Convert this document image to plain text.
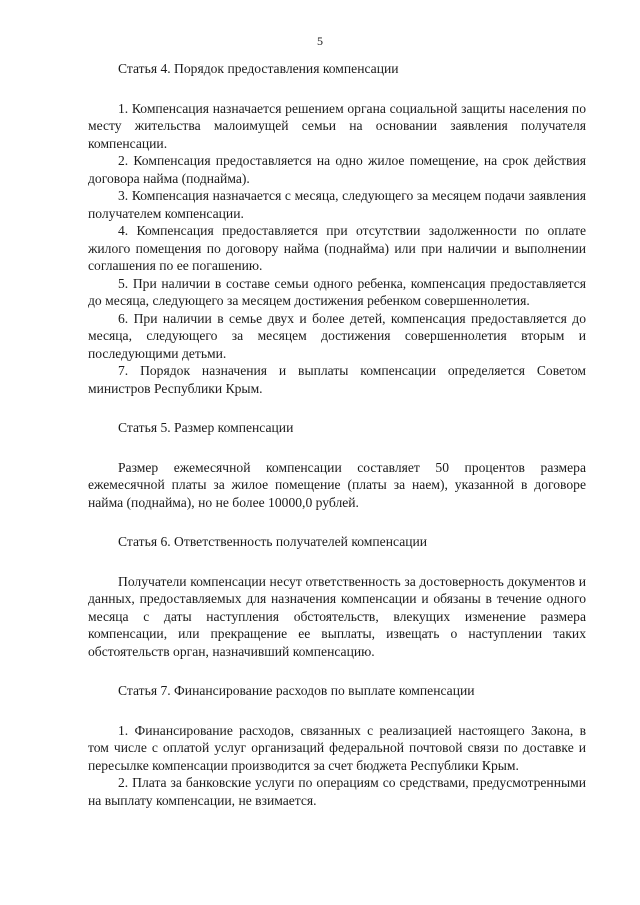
5
Статья 4. Порядок предоставления компенсации

1. Компенсация назначается решением органа социальной защиты населения по месту жительства малоимущей семьи на основании заявления получателя компенсации.

2. Компенсация предоставляется на одно жилое помещение, на срок действия договора найма (поднайма).

3. Компенсация назначается с месяца, следующего за месяцем подачи заявления получателем компенсации.

4. Компенсация предоставляется при отсутствии задолженности по оплате жилого помещения по договору найма (поднайма) или при наличии и выполнении соглашения по ее погашению.

5. При наличии в составе семьи одного ребенка, компенсация предоставляется до месяца, следующего за месяцем достижения ребенком совершеннолетия.

6. При наличии в семье двух и более детей, компенсация предоставляется до месяца, следующего за месяцем достижения совершеннолетия вторым и последующими детьми.

7. Порядок назначения и выплаты компенсации определяется Советом министров Республики Крым.

Статья 5. Размер компенсации

Размер ежемесячной компенсации составляет 50 процентов размера ежемесячной платы за жилое помещение (платы за наем), указанной в договоре найма (поднайма), но не более 10000,0 рублей.

Статья 6. Ответственность получателей компенсации

Получатели компенсации несут ответственность за достоверность документов и данных, предоставляемых для назначения компенсации и обязаны в течение одного месяца с даты наступления обстоятельств, влекущих изменение размера компенсации, или прекращение ее выплаты, извещать о наступлении таких обстоятельств орган, назначивший компенсацию.

Статья 7. Финансирование расходов по выплате компенсации

1. Финансирование расходов, связанных с реализацией настоящего Закона, в том числе с оплатой услуг организаций федеральной почтовой связи по доставке и пересылке компенсации производится за счет бюджета Республики Крым.

2. Плата за банковские услуги по операциям со средствами, предусмотренными на выплату компенсации, не взимается.
